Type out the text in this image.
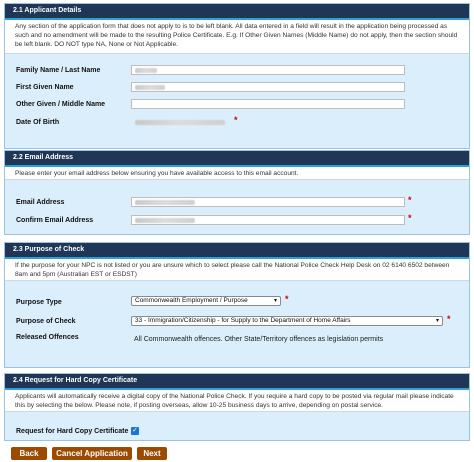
2.1 Applicant Details
Any section of the application form that does not apply to is to be left blank. All data entered in a field will result in the application being processed as such and no amendment will be made to the resulting Police Certificate. E.g. If Other Given Names (Middle Name) do not apply, then the section should be left blank. DO NOT type NA, None or Not Applicable.
Family Name / Last Name
First Given Name
Other Given / Middle Name
Date Of Birth	*
2.2 Email Address
Please enter your email address below ensuring you have available access to this email account.
Email Address	*
Confirm Email Address	*
2.3 Purpose of Check
If the purpose for your NPC is not listed or you are unsure which to select please call the National Police Check Help Desk on 02 6140 6502 between 8am and 5pm (Australian EST or ESDST)
Purpose Type	Commonwealth Employment / Purpose	▾ *
Purpose of Check	33 - Immigration/Citizenship - for Supply to the Department of Home Affairs	▾ *
Released Offences	All Commonwealth offences. Other State/Territory offences as legislation permits
2.4 Request for Hard Copy Certificate
Applicants will automatically receive a digital copy of the National Police Check. If you require a hard copy to be posted via regular mail please indicate this by selecting the below. Please note, if posting overseas, allow 10-25 business days to arrive, depending on postal service.
Request for Hard Copy Certificate ✓
Back	Cancel Application	Next
